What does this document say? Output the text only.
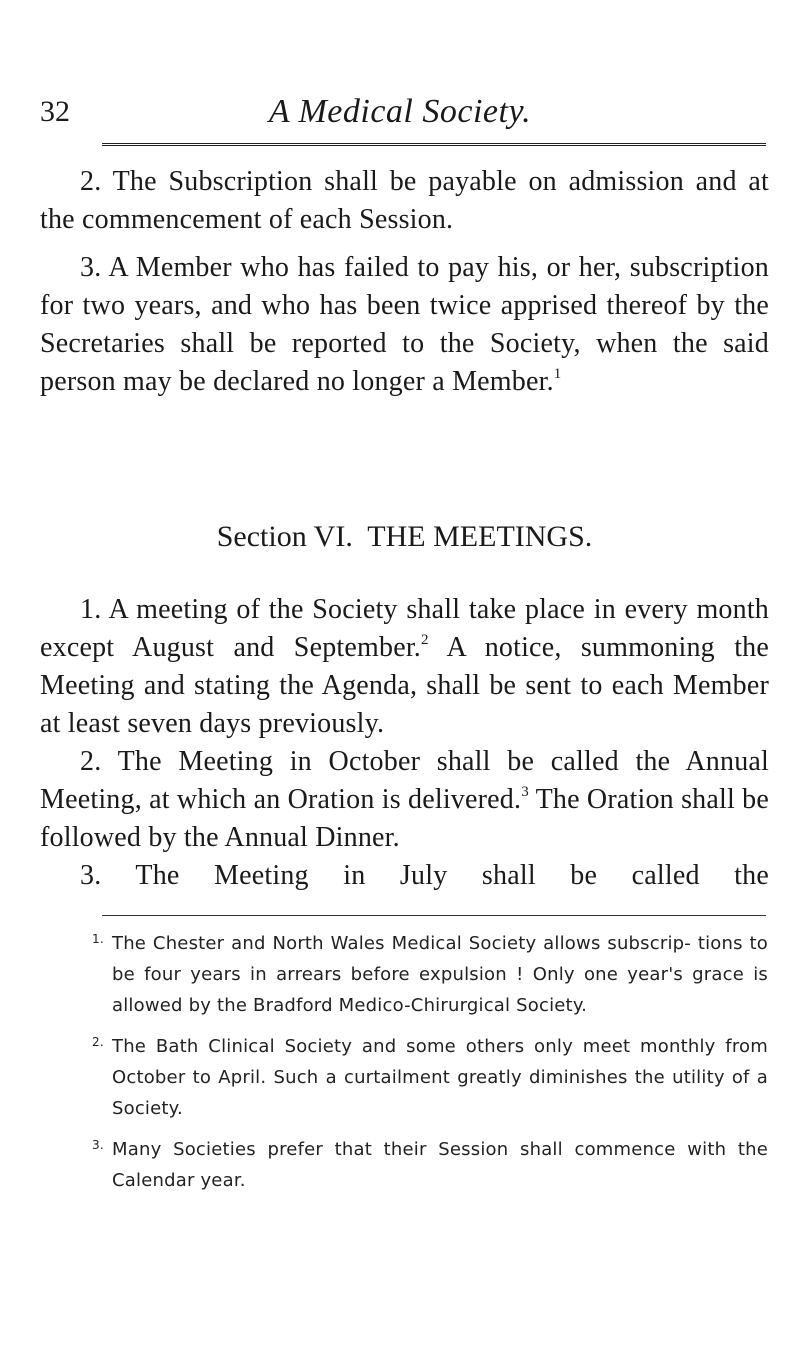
32	A Medical Society.

2. The Subscription shall be payable on admission and at the commencement of each Session.

3. A Member who has failed to pay his, or her, subscription for two years, and who has been twice apprised thereof by the Secretaries shall be reported to the Society, when the said person may be declared no longer a Member.$^1$

Section VI. THE MEETINGS.

1. A meeting of the Society shall take place in every month except August and September.$^2$ A notice, summoning the Meeting and stating the Agenda, shall be sent to each Member at least seven days previously.

2. The Meeting in October shall be called the Annual Meeting, at which an Oration is delivered.$^3$ The Oration shall be followed by the Annual Dinner.

3. The Meeting in July shall be called the

1. The Chester and North Wales Medical Society allows subscrip- tions to be four years in arrears before expulsion ! Only one year's grace is allowed by the Bradford Medico-Chirurgical Society.
2. The Bath Clinical Society and some others only meet monthly from October to April. Such a curtailment greatly diminishes the utility of a Society.
3. Many Societies prefer that their Session shall commence with the Calendar year.
